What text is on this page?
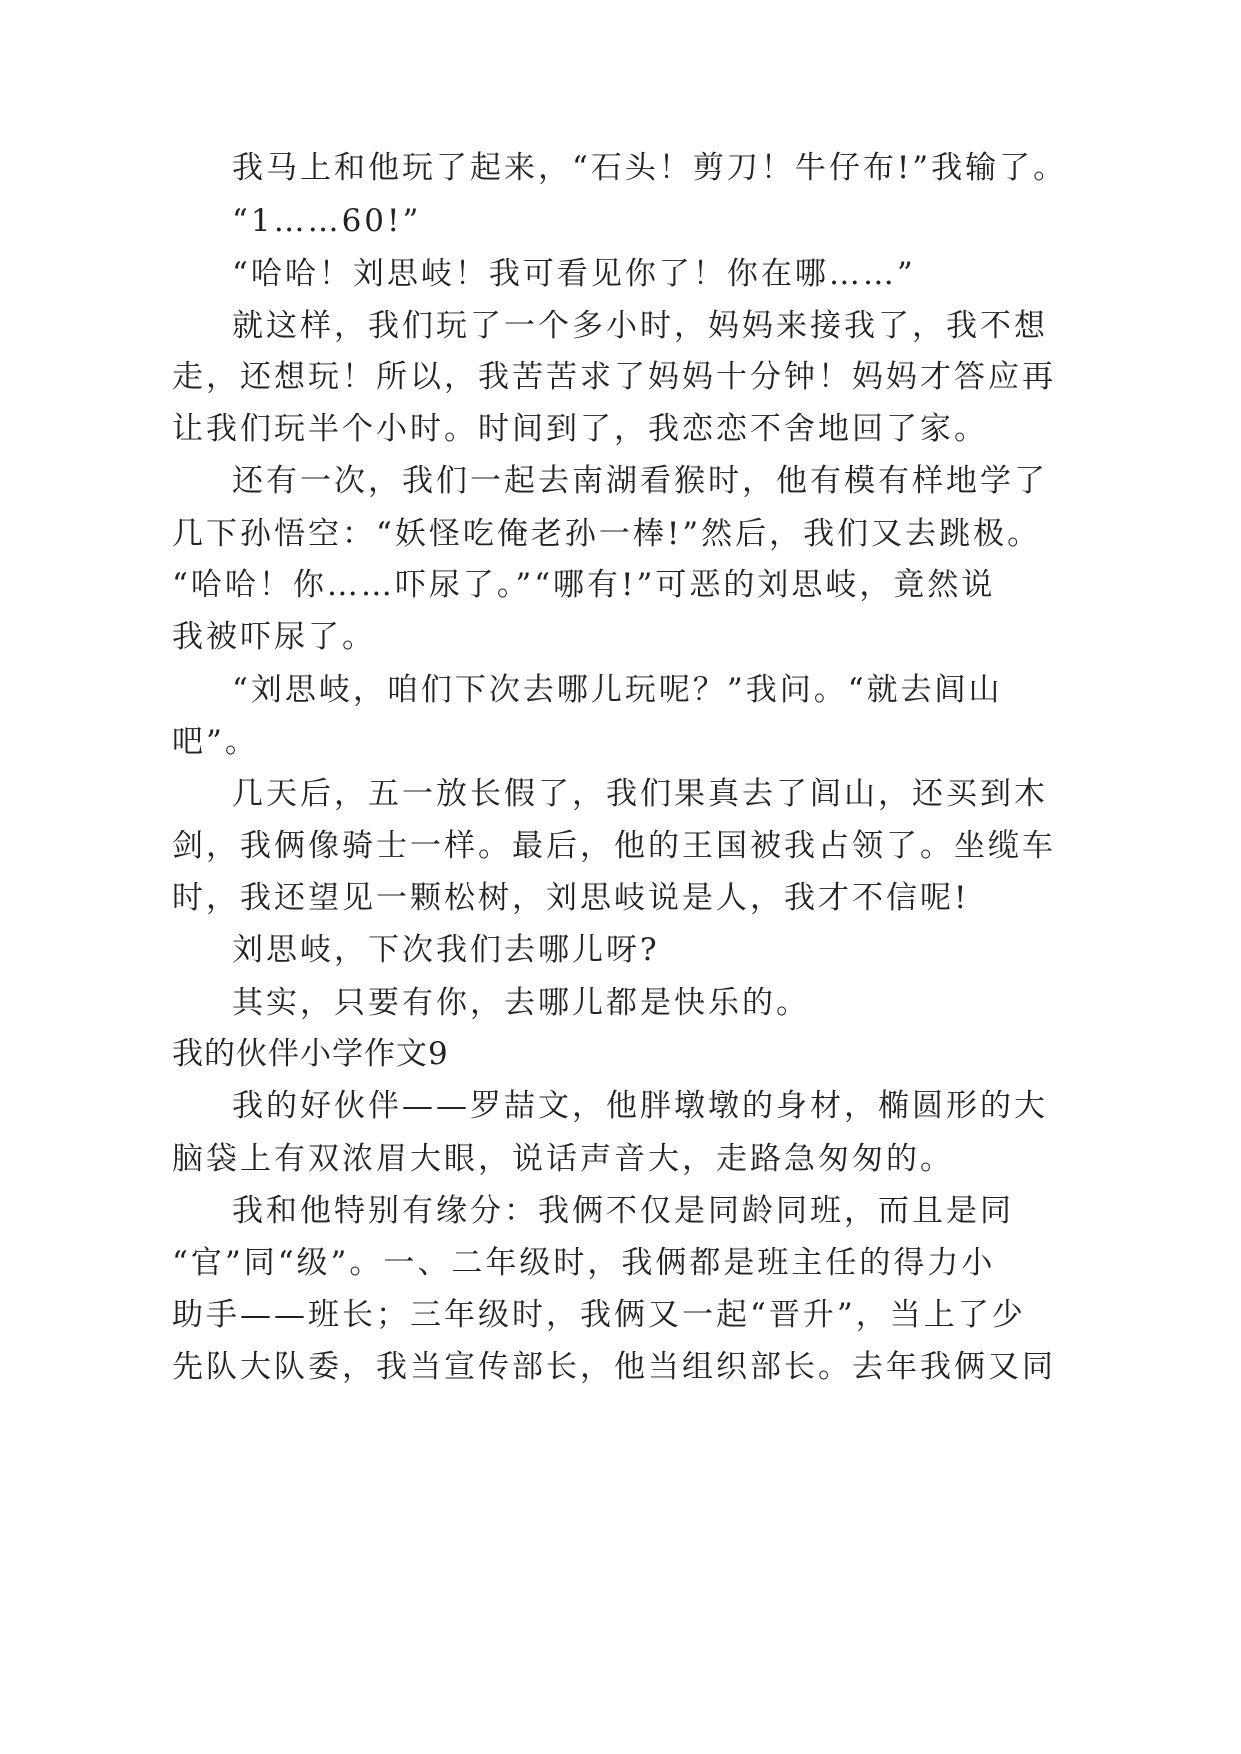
我马上和他玩了起来，“石头！剪刀！牛仔布!”我输了。
“1……60!”
“哈哈！刘思岐！我可看见你了！你在哪……”
就这样，我们玩了一个多小时，妈妈来接我了，我不想
走，还想玩！所以，我苦苦求了妈妈十分钟！妈妈才答应再
让我们玩半个小时。时间到了，我恋恋不舍地回了家。
还有一次，我们一起去南湖看猴时，他有模有样地学了
几下孙悟空：“妖怪吃俺老孙一棒!”然后，我们又去跳极。
“哈哈！你……吓尿了。”“哪有!”可恶的刘思岐，竟然说
我被吓尿了。
“刘思岐，咱们下次去哪儿玩呢？”我问。“就去闾山
吧”。
几天后，五一放长假了，我们果真去了闾山，还买到木
剑，我俩像骑士一样。最后，他的王国被我占领了。坐缆车
时，我还望见一颗松树，刘思岐说是人，我才不信呢!
刘思岐，下次我们去哪儿呀?
其实，只要有你，去哪儿都是快乐的。
我的伙伴小学作文9
我的好伙伴——罗喆文，他胖墩墩的身材，椭圆形的大
脑袋上有双浓眉大眼，说话声音大，走路急匆匆的。
我和他特别有缘分：我俩不仅是同龄同班，而且是同
“官”同“级”。一、二年级时，我俩都是班主任的得力小
助手——班长；三年级时，我俩又一起“晋升”，当上了少
先队大队委，我当宣传部长，他当组织部长。去年我俩又同
